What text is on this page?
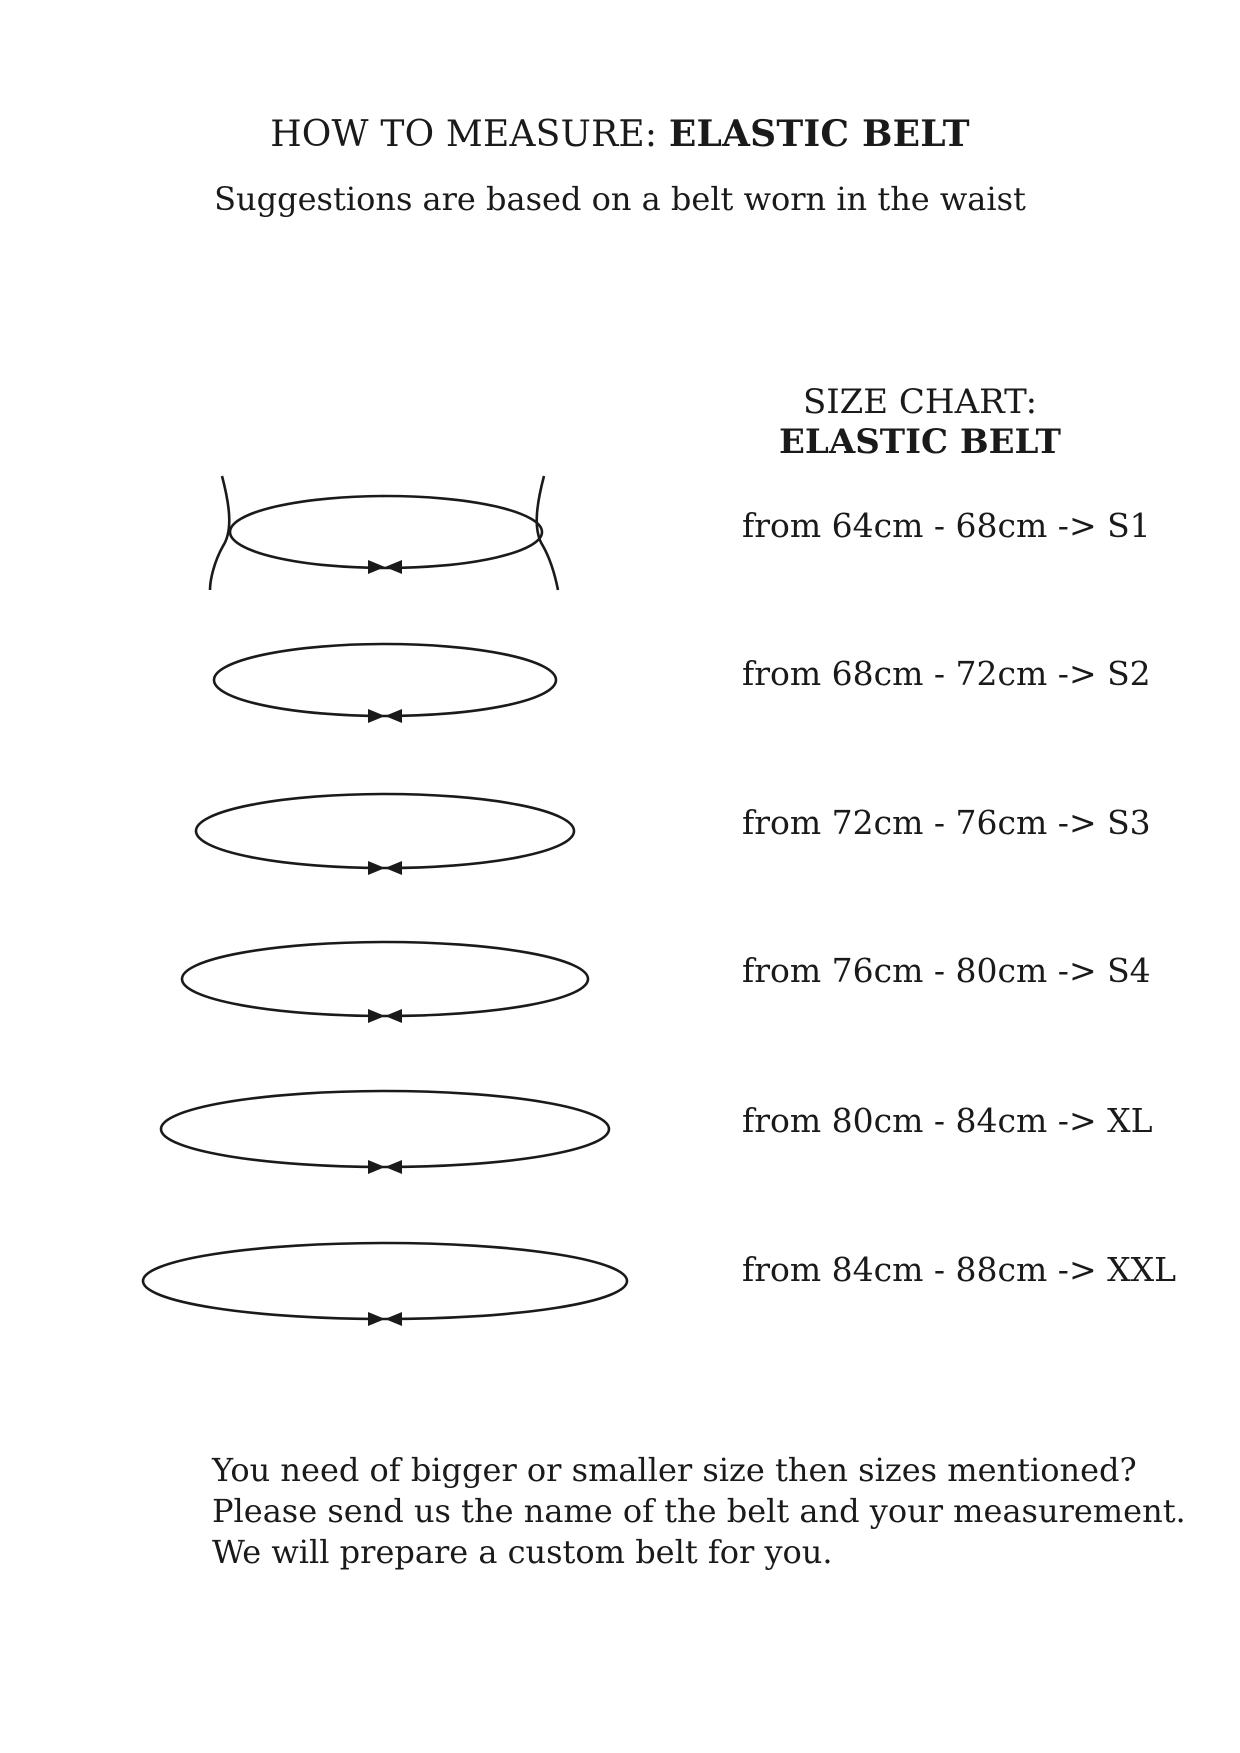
HOW TO MEASURE: ELASTIC BELT
Suggestions are based on a belt worn in the waist
SIZE CHART:
ELASTIC BELT
from 64cm - 68cm -> S1
from 68cm - 72cm -> S2
from 72cm - 76cm -> S3
from 76cm - 80cm -> S4
from 80cm - 84cm -> XL
from 84cm - 88cm -> XXL

You need of bigger or smaller size then sizes mentioned?

Please send us the name of the belt and your measurement.

We will prepare a custom belt for you.
